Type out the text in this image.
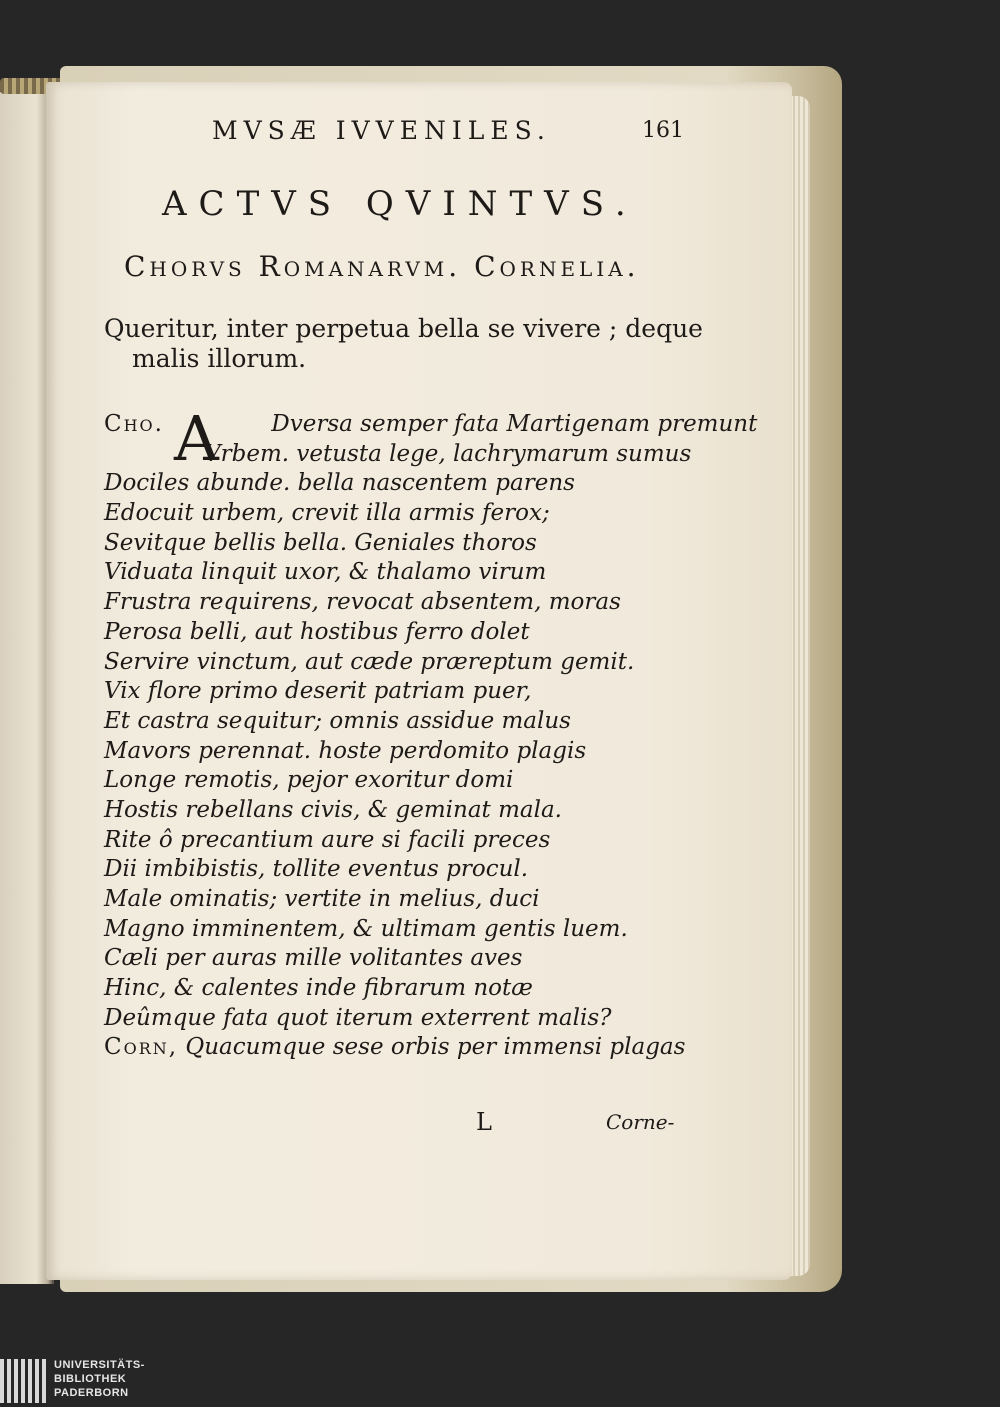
MVSÆ IVVENILES.	161
ACTVS QVINTVS.
Chorvs Romanarvm. Cornelia.
Queritur, inter perpetua bella se vivere ; deque
malis illorum.
Cho. A Dversa semper fata Martigenam premunt
Vrbem. vetusta lege, lachrymarum sumus
Dociles abunde. bella nascentem parens
Edocuit urbem, crevit illa armis ferox;
Sevitque bellis bella. Geniales thoros
Viduata linquit uxor, & thalamo virum
Frustra requirens, revocat absentem, moras
Perosa belli, aut hostibus ferro dolet
Servire vinctum, aut cæde præreptum gemit.
Vix flore primo deserit patriam puer,
Et castra sequitur; omnis assidue malus
Mavors perennat. hoste perdomito plagis
Longe remotis, pejor exoritur domi
Hostis rebellans civis, & geminat mala.
Rite ô precantium aure si facili preces
Dii imbibistis, tollite eventus procul.
Male ominatis; vertite in melius, duci
Magno imminentem, & ultimam gentis luem.
Cæli per auras mille volitantes aves
Hinc, & calentes inde fibrarum notæ
Deûmque fata quot iterum exterrent malis?
Corn, Quacumque sese orbis per immensi plagas
L	Corne-
UNIVERSITÄTS-
BIBLIOTHEK
PADERBORN
